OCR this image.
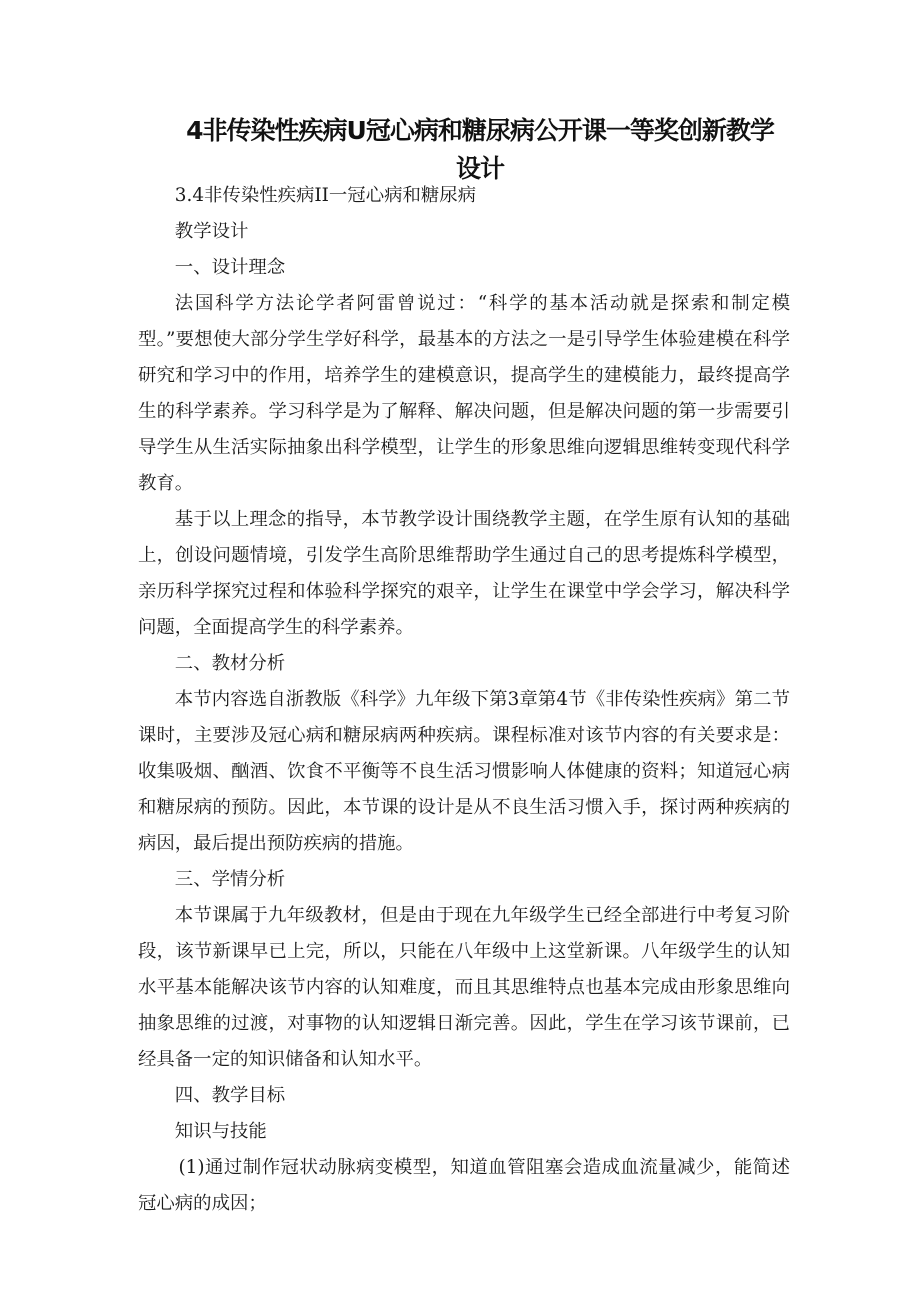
4非传染性疾病U冠心病和糖尿病公开课一等奖创新教学
设计

3.4非传染性疾病II一冠心病和糖尿病

教学设计

一、设计理念

法国科学方法论学者阿雷曾说过：“科学的基本活动就是探索和制定模型。”要想使大部分学生学好科学，最基本的方法之一是引导学生体验建模在科学研究和学习中的作用，培养学生的建模意识，提高学生的建模能力，最终提高学生的科学素养。学习科学是为了解释、解决问题，但是解决问题的第一步需要引导学生从生活实际抽象出科学模型，让学生的形象思维向逻辑思维转变现代科学教育。

基于以上理念的指导，本节教学设计围绕教学主题，在学生原有认知的基础上，创设问题情境，引发学生高阶思维帮助学生通过自己的思考提炼科学模型，亲历科学探究过程和体验科学探究的艰辛，让学生在课堂中学会学习，解决科学问题，全面提高学生的科学素养。

二、教材分析

本节内容选自浙教版《科学》九年级下第3章第4节《非传染性疾病》第二节课时，主要涉及冠心病和糖尿病两种疾病。课程标准对该节内容的有关要求是：收集吸烟、酗酒、饮食不平衡等不良生活习惯影响人体健康的资料；知道冠心病和糖尿病的预防。因此，本节课的设计是从不良生活习惯入手，探讨两种疾病的病因，最后提出预防疾病的措施。

三、学情分析

本节课属于九年级教材，但是由于现在九年级学生已经全部进行中考复习阶段，该节新课早已上完，所以，只能在八年级中上这堂新课。八年级学生的认知水平基本能解决该节内容的认知难度，而且其思维特点也基本完成由形象思维向抽象思维的过渡，对事物的认知逻辑日渐完善。因此，学生在学习该节课前，已经具备一定的知识储备和认知水平。

四、教学目标

知识与技能

(1)通过制作冠状动脉病变模型，知道血管阻塞会造成血流量减少，能简述冠心病的成因；
